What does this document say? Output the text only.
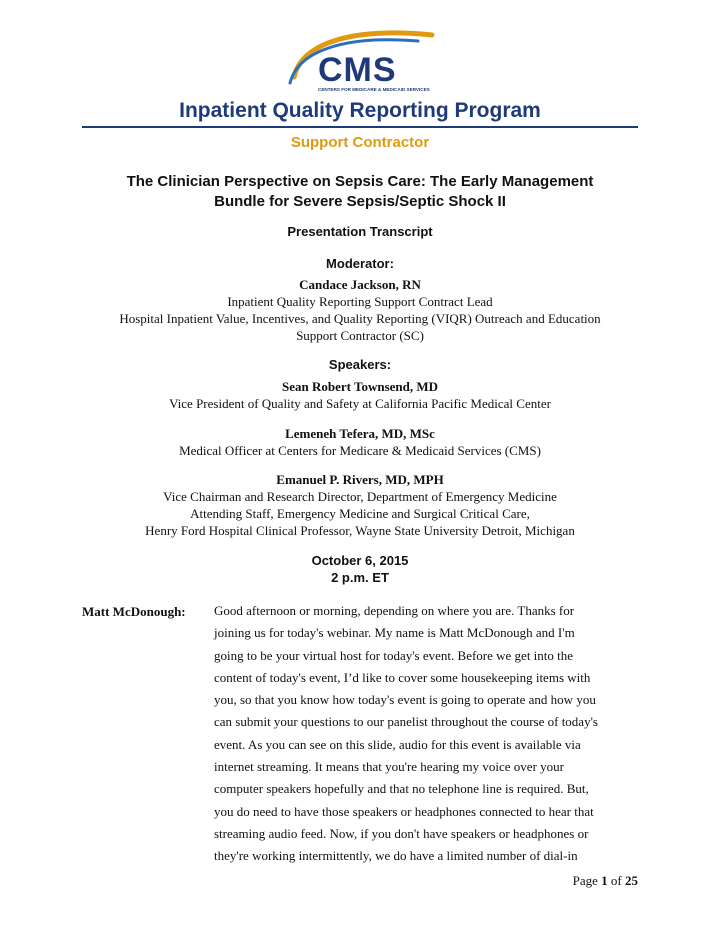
CMS
CENTERS FOR MEDICARE & MEDICAID SERVICES
Inpatient Quality Reporting Program
Support Contractor
The Clinician Perspective on Sepsis Care: The Early Management
Bundle for Severe Sepsis/Septic Shock II
Presentation Transcript
Moderator:
Candace Jackson, RN
Inpatient Quality Reporting Support Contract Lead
Hospital Inpatient Value, Incentives, and Quality Reporting (VIQR) Outreach and Education
Support Contractor (SC)
Speakers:
Sean Robert Townsend, MD
Vice President of Quality and Safety at California Pacific Medical Center
Lemeneh Tefera, MD, MSc
Medical Officer at Centers for Medicare & Medicaid Services (CMS)
Emanuel P. Rivers, MD, MPH
Vice Chairman and Research Director, Department of Emergency Medicine
Attending Staff, Emergency Medicine and Surgical Critical Care,
Henry Ford Hospital Clinical Professor, Wayne State University Detroit, Michigan
October 6, 2015
2 p.m. ET
Matt McDonough: Good afternoon or morning, depending on where you are. Thanks for
joining us for today's webinar. My name is Matt McDonough and I'm
going to be your virtual host for today's event. Before we get into the
content of today's event, I’d like to cover some housekeeping items with
you, so that you know how today's event is going to operate and how you
can submit your questions to our panelist throughout the course of today's
event. As you can see on this slide, audio for this event is available via
internet streaming. It means that you're hearing my voice over your
computer speakers hopefully and that no telephone line is required. But,
you do need to have those speakers or headphones connected to hear that
streaming audio feed. Now, if you don't have speakers or headphones or
they're working intermittently, we do have a limited number of dial-in
Page 1 of 25
